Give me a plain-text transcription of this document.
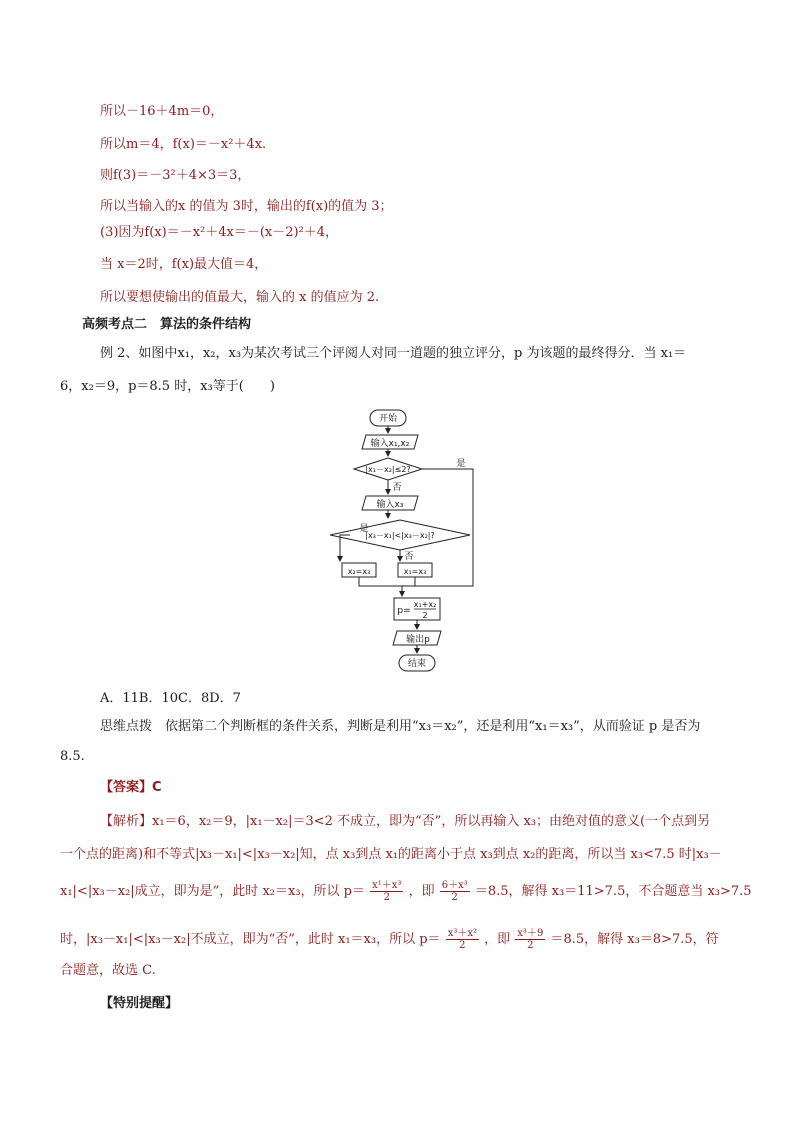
所以－16＋4m＝0，
所以m＝4，f(x)＝－x²＋4x.
则f(3)＝－3²＋4×3＝3，
所以当输入的x 的值为 3时，输出的f(x)的值为 3；
(3)因为f(x)＝－x²＋4x＝－(x－2)²＋4，
当 x＝2时，f(x)最大值＝4，
所以要想使输出的值最大，输入的 x 的值应为 2.
高频考点二　算法的条件结构
例 2、如图中x₁，x₂，x₃为某次考试三个评阅人对同一道题的独立评分，p 为该题的最终得分．当 x₁＝
6，x₂＝9，p＝8.5 时，x₃等于(　　)
开始
输入x₁,x₂
|x₁－x₂|≤2?
是
否
输入x₃
|x₃－x₁|<|x₃－x₂|?
是
否
x₂=x₃	x₁=x₃
p=
x₁+x₂
2
输出p
结束
A．11B．10C．8D．7
思维点拨　依据第二个判断框的条件关系，判断是利用“x₃＝x₂”，还是利用“x₁＝x₃”，从而验证 p 是否为
8.5.
【答案】C
【解析】x₁＝6，x₂＝9，|x₁－x₂|＝3<2 不成立，即为“否”，所以再输入 x₃；由绝对值的意义(一个点到另
一个点的距离)和不等式|x₃－x₁|<|x₃－x₂|知，点 x₃到点 x₁的距离小于点 x₃到点 x₂的距离，所以当 x₃<7.5 时|x₃－
x₁|<|x₃－x₂|成立，即为是”，此时 x₂＝x₃，所以 $p= \frac{\text{x¹＋x³}}{2}$ ，即 $\frac{\text{6＋x³}}{2} =8.5$，解得 x₃＝11>7.5，不合题意当 x₃>7.5
时，|x₃－x₁|<|x₃－x₂|不成立，即为“否”，此时 x₁＝x₃，所以 $p= \frac{\text{x³＋x²}}{2}$ ，即 $\frac{\text{x³＋9}}{2} =8.5$，解得 x₃＝8>7.5，符
合题意，故选 C.
【特别提醒】
